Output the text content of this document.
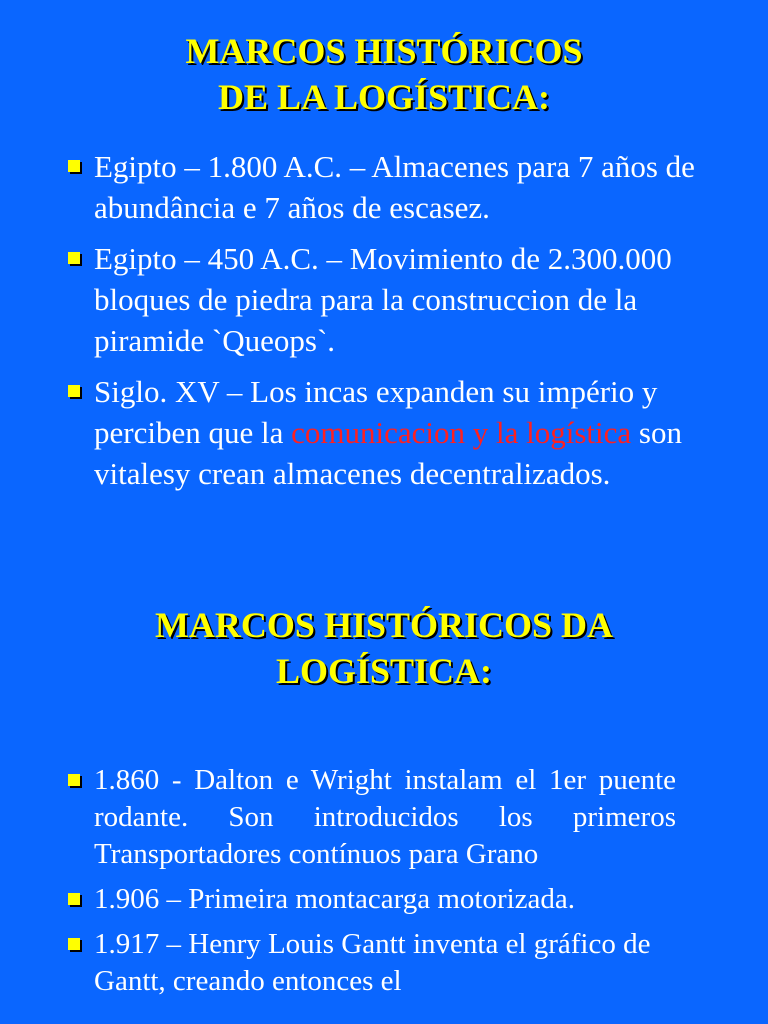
MARCOS HISTÓRICOS
DE LA LOGÍSTICA:
Egipto – 1.800 A.C. – Almacenes para 7 años de abundância e 7 años de escasez.
Egipto – 450 A.C. – Movimiento de 2.300.000 bloques de piedra para la construccion de la piramide `Queops`.
Siglo. XV – Los incas expanden su império y perciben que la comunicacion y la logística son vitalesy crean almacenes decentralizados.
MARCOS HISTÓRICOS DA
LOGÍSTICA:
1.860 - Dalton e Wright instalam el 1er puente rodante. Son introducidos los primeros Transportadores contínuos para Grano
1.906 – Primeira montacarga motorizada.
1.917 – Henry Louis Gantt inventa el gráfico de Gantt, creando entonces el
